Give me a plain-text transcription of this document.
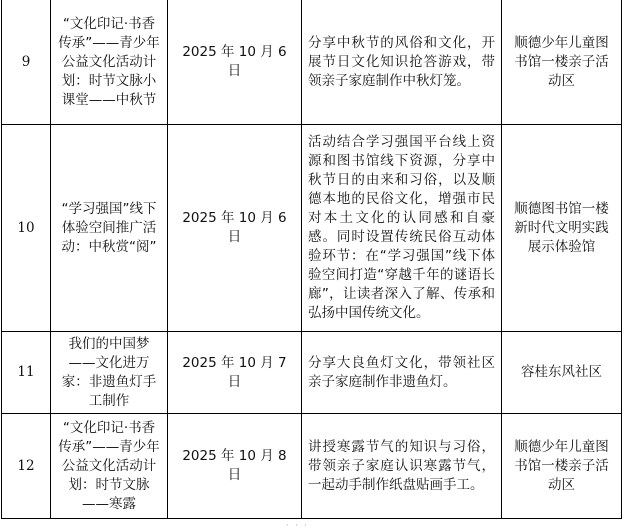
9	“文化印记·书香传承”——青少年公益文化活动计划：时节文脉小课堂——中秋节	2025 年 10 月 6 日	分享中秋节的风俗和文化，开展节日文化知识抢答游戏，带领亲子家庭制作中秋灯笼。	顺德少年儿童图书馆一楼亲子活动区
10	“学习强国”线下体验空间推广活动：中秋赏“阅”	2025 年 10 月 6 日	活动结合学习强国平台线上资源和图书馆线下资源，分享中秋节日的由来和习俗，以及顺德本地的民俗文化，增强市民对本土文化的认同感和自豪感。同时设置传统民俗互动体验环节：在“学习强国”线下体验空间打造“穿越千年的谜语长廊”，让读者深入了解、传承和弘扬中国传统文化。	顺德图书馆一楼新时代文明实践展示体验馆
11	我们的中国梦——文化进万家：非遗鱼灯手工制作	2025 年 10 月 7 日	分享大良鱼灯文化，带领社区亲子家庭制作非遗鱼灯。	容桂东风社区
12	“文化印记·书香传承”——青少年公益文化活动计划：时节文脉——寒露	2025 年 10 月 8 日	讲授寒露节气的知识与习俗，带领亲子家庭认识寒露节气，一起动手制作纸盘贴画手工。	顺德少年儿童图书馆一楼亲子活动区
· · ·
